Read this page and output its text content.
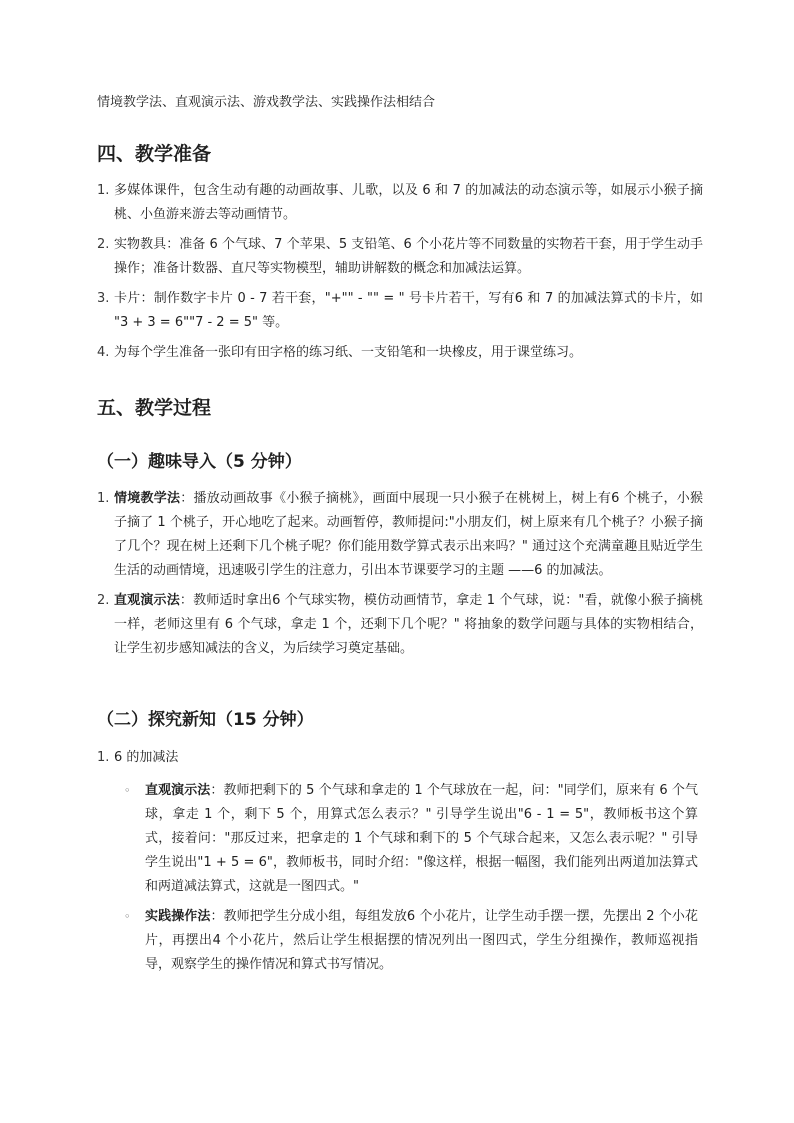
情境教学法、直观演示法、游戏教学法、实践操作法相结合
四、教学准备
1. 多媒体课件，包含生动有趣的动画故事、儿歌，以及 6 和 7 的加减法的动态演示等，如展示小猴子摘桃、小鱼游来游去等动画情节。
2. 实物教具：准备 6 个气球、7 个苹果、5 支铅笔、6 个小花片等不同数量的实物若干套，用于学生动手操作；准备计数器、直尺等实物模型，辅助讲解数的概念和加减法运算。
3. 卡片：制作数字卡片 0 - 7 若干套，"+"" - "" = " 号卡片若干，写有6 和 7 的加减法算式的卡片，如 "3 + 3 = 6""7 - 2 = 5" 等。
4. 为每个学生准备一张印有田字格的练习纸、一支铅笔和一块橡皮，用于课堂练习。
五、教学过程
（一）趣味导入（5 分钟）
1. 情境教学法：播放动画故事《小猴子摘桃》，画面中展现一只小猴子在桃树上，树上有6 个桃子，小猴子摘了 1 个桃子，开心地吃了起来。动画暂停，教师提问:"小朋友们，树上原来有几个桃子？小猴子摘了几个？现在树上还剩下几个桃子呢？你们能用数学算式表示出来吗？" 通过这个充满童趣且贴近学生生活的动画情境，迅速吸引学生的注意力，引出本节课要学习的主题 ——6 的加减法。
2. 直观演示法：教师适时拿出6 个气球实物，模仿动画情节，拿走 1 个气球，说："看，就像小猴子摘桃一样，老师这里有 6 个气球，拿走 1 个，还剩下几个呢？" 将抽象的数学问题与具体的实物相结合，让学生初步感知减法的含义，为后续学习奠定基础。
（二）探究新知（15 分钟）
1. 6 的加减法
◦ 直观演示法：教师把剩下的 5 个气球和拿走的 1 个气球放在一起，问："同学们，原来有 6 个气球，拿走 1 个，剩下 5 个，用算式怎么表示？" 引导学生说出"6 - 1 = 5"，教师板书这个算式，接着问："那反过来，把拿走的 1 个气球和剩下的 5 个气球合起来，又怎么表示呢？" 引导学生说出"1 + 5 = 6"，教师板书，同时介绍："像这样，根据一幅图，我们能列出两道加法算式和两道减法算式，这就是一图四式。"
◦ 实践操作法：教师把学生分成小组，每组发放6 个小花片，让学生动手摆一摆，先摆出 2 个小花片，再摆出4 个小花片，然后让学生根据摆的情况列出一图四式，学生分组操作，教师巡视指导，观察学生的操作情况和算式书写情况。
